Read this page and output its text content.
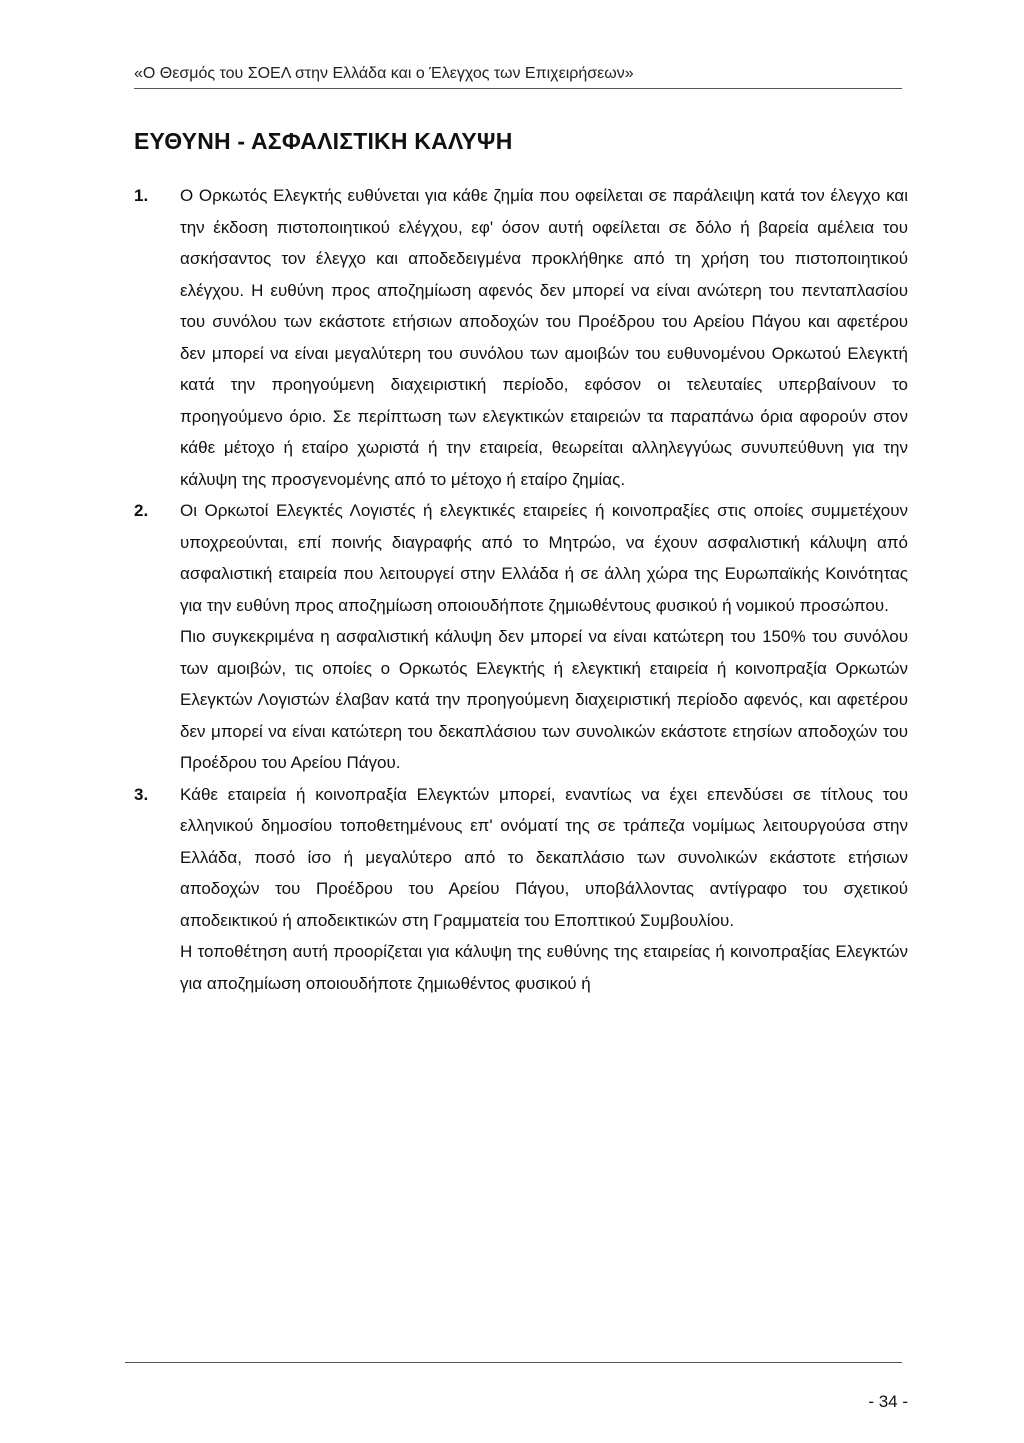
«Ο Θεσμός του ΣΟΕΛ στην Ελλάδα και ο Έλεγχος των Επιχειρήσεων»
ΕΥΘΥΝΗ - ΑΣΦΑΛΙΣΤΙΚΗ ΚΑΛΥΨΗ
1. Ο Ορκωτός Ελεγκτής ευθύνεται για κάθε ζημία που οφείλεται σε παράλειψη κατά τον έλεγχο και την έκδοση πιστοποιητικού ελέγχου, εφ' όσον αυτή οφείλεται σε δόλο ή βαρεία αμέλεια του ασκήσαντος τον έλεγχο και αποδεδειγμένα προκλήθηκε από τη χρήση του πιστοποιητικού ελέγχου. Η ευθύνη προς αποζημίωση αφενός δεν μπορεί να είναι ανώτερη του πενταπλασίου του συνόλου των εκάστοτε ετήσιων αποδοχών του Προέδρου του Αρείου Πάγου και αφετέρου δεν μπορεί να είναι μεγαλύτερη του συνόλου των αμοιβών του ευθυνομένου Ορκωτού Ελεγκτή κατά την προηγούμενη διαχειριστική περίοδο, εφόσον οι τελευταίες υπερβαίνουν το προηγούμενο όριο. Σε περίπτωση των ελεγκτικών εταιρειών τα παραπάνω όρια αφορούν στον κάθε μέτοχο ή εταίρο χωριστά ή την εταιρεία, θεωρείται αλληλεγγύως συνυπεύθυνη για την κάλυψη της προσγενομένης από το μέτοχο ή εταίρο ζημίας.

2. Οι Ορκωτοί Ελεγκτές Λογιστές ή ελεγκτικές εταιρείες ή κοινοπραξίες στις οποίες συμμετέχουν υποχρεούνται, επί ποινής διαγραφής από το Μητρώο, να έχουν ασφαλιστική κάλυψη από ασφαλιστική εταιρεία που λειτουργεί στην Ελλάδα ή σε άλλη χώρα της Ευρωπαϊκής Κοινότητας για την ευθύνη προς αποζημίωση οποιουδήποτε ζημιωθέντους φυσικού ή νομικού προσώπου.

Πιο συγκεκριμένα η ασφαλιστική κάλυψη δεν μπορεί να είναι κατώτερη του 150% του συνόλου των αμοιβών, τις οποίες ο Ορκωτός Ελεγκτής ή ελεγκτική εταιρεία ή κοινοπραξία Ορκωτών Ελεγκτών Λογιστών έλαβαν κατά την προηγούμενη διαχειριστική περίοδο αφενός, και αφετέρου δεν μπορεί να είναι κατώτερη του δεκαπλάσιου των συνολικών εκάστοτε ετησίων αποδοχών του Προέδρου του Αρείου Πάγου.

3. Κάθε εταιρεία ή κοινοπραξία Ελεγκτών μπορεί, εναντίως να έχει επενδύσει σε τίτλους του ελληνικού δημοσίου τοποθετημένους επ' ονόματί της σε τράπεζα νομίμως λειτουργούσα στην Ελλάδα, ποσό ίσο ή μεγαλύτερο από το δεκαπλάσιο των συνολικών εκάστοτε ετήσιων αποδοχών του Προέδρου του Αρείου Πάγου, υποβάλλοντας αντίγραφο του σχετικού αποδεικτικού ή αποδεικτικών στη Γραμματεία του Εποπτικού Συμβουλίου.

Η τοποθέτηση αυτή προορίζεται για κάλυψη της ευθύνης της εταιρείας ή κοινοπραξίας Ελεγκτών για αποζημίωση οποιουδήποτε ζημιωθέντος φυσικού ή

- 34 -
